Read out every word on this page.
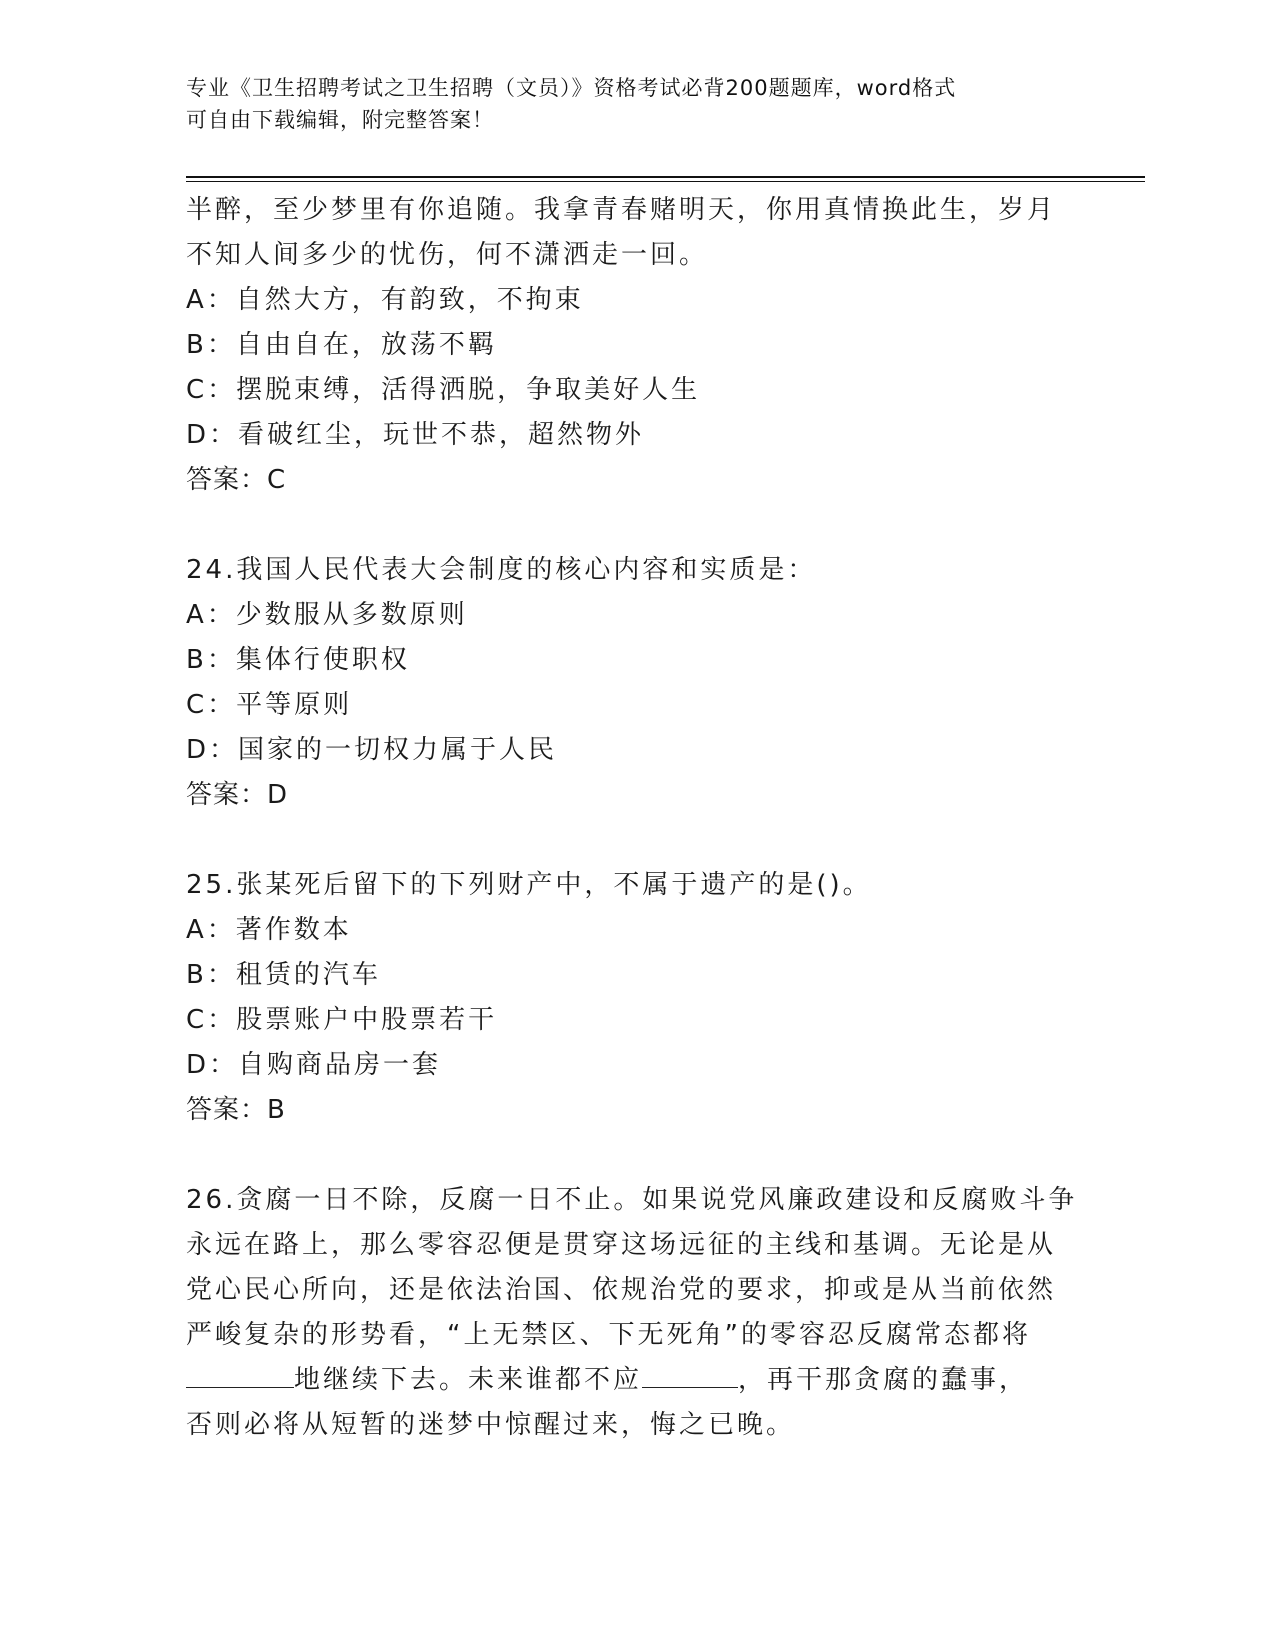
专业《卫生招聘考试之卫生招聘（文员）》资格考试必背200题题库，word格式
可自由下载编辑，附完整答案！
半醉，至少梦里有你追随。我拿青春赌明天，你用真情换此生，岁月
不知人间多少的忧伤，何不潇洒走一回。
A：自然大方，有韵致，不拘束
B：自由自在，放荡不羁
C：摆脱束缚，活得洒脱，争取美好人生
D：看破红尘，玩世不恭，超然物外
答案：C
24.我国人民代表大会制度的核心内容和实质是：
A：少数服从多数原则
B：集体行使职权
C：平等原则
D：国家的一切权力属于人民
答案：D
25.张某死后留下的下列财产中，不属于遗产的是()。
A：著作数本
B：租赁的汽车
C：股票账户中股票若干
D：自购商品房一套
答案：B
26.贪腐一日不除，反腐一日不止。如果说党风廉政建设和反腐败斗争
永远在路上，那么零容忍便是贯穿这场远征的主线和基调。无论是从
党心民心所向，还是依法治国、依规治党的要求，抑或是从当前依然
严峻复杂的形势看，“上无禁区、下无死角”的零容忍反腐常态都将
地继续下去。未来谁都不应	，再干那贪腐的蠢事，
否则必将从短暂的迷梦中惊醒过来，悔之已晚。
